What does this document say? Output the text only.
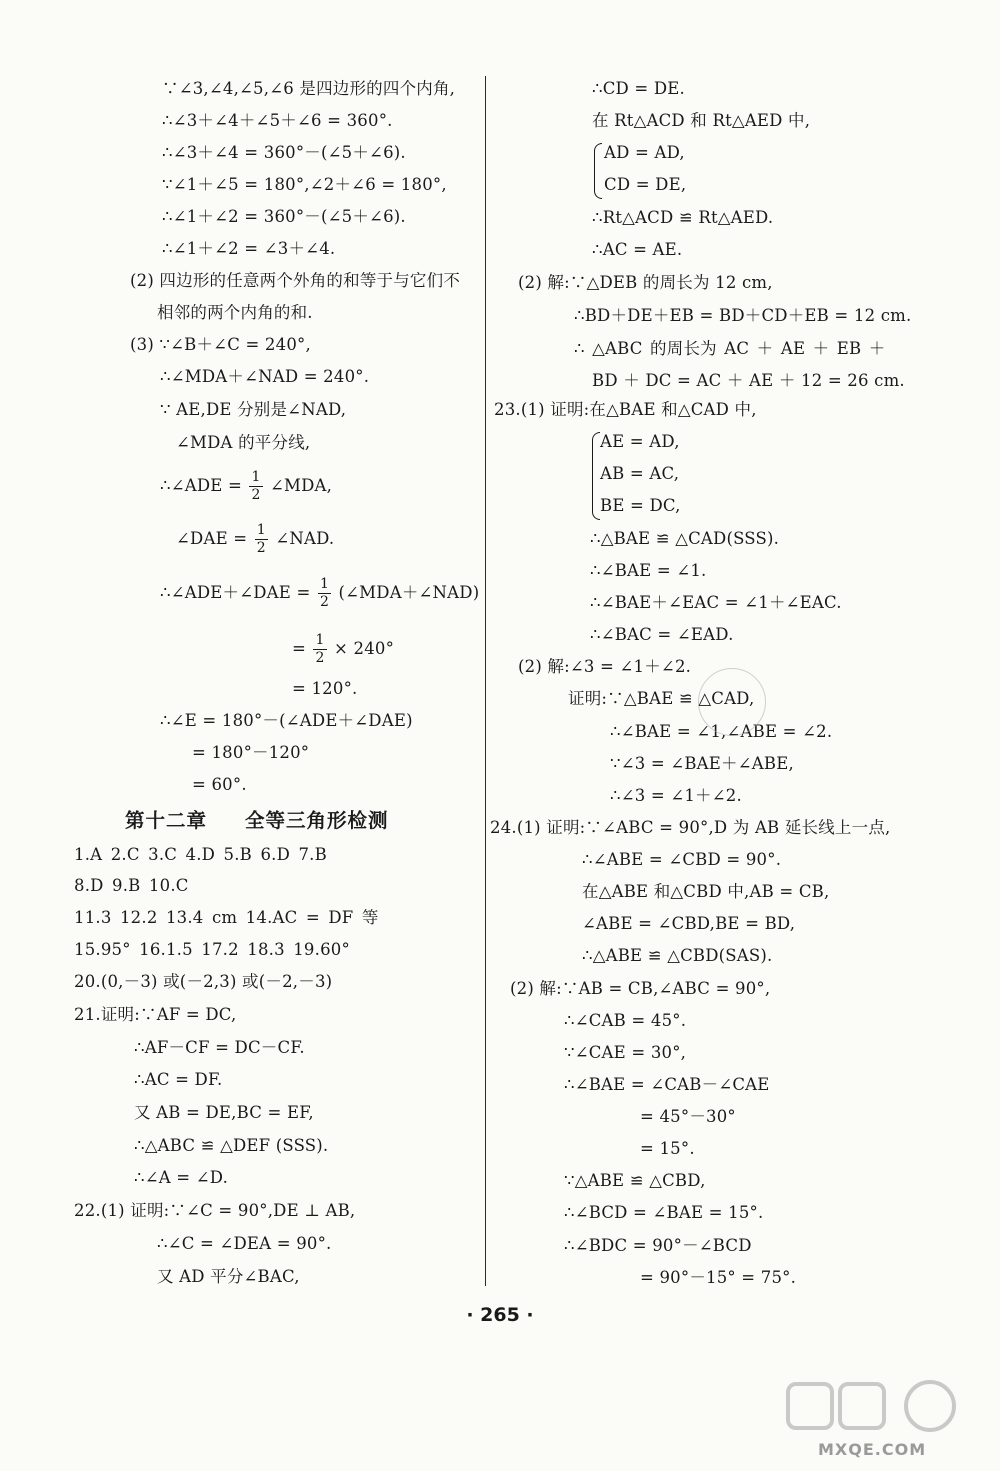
∵∠3,∠4,∠5,∠6 是四边形的四个内角,
∴∠3＋∠4＋∠5＋∠6 = 360°.
∴∠3＋∠4 = 360°－(∠5＋∠6).
∵∠1＋∠5 = 180°,∠2＋∠6 = 180°,
∴∠1＋∠2 = 360°－(∠5＋∠6).
∴∠1＋∠2 = ∠3＋∠4.
(2) 四边形的任意两个外角的和等于与它们不
相邻的两个内角的和.
(3) ∵∠B＋∠C = 240°,
∴∠MDA＋∠NAD = 240°.
∵ AE,DE 分别是∠NAD,
∠MDA 的平分线,
∴∠ADE = $\frac{1}{2}$ ∠MDA,
∠DAE = $\frac{1}{2}$ ∠NAD.
∴∠ADE＋∠DAE = $\frac{1}{2}$ (∠MDA＋∠NAD)
= $\frac{1}{2} \times 240^\circ$
= 120°.
∴∠E = 180°－(∠ADE＋∠DAE)
= 180°－120°
= 60°.
第十二章 全等三角形检测
1.A 2.C 3.C 4.D 5.B 6.D 7.B
8.D 9.B 10.C
11.3 12.2 13.4 cm 14.AC = DF 等
15.95° 16.1.5 17.2 18.3 19.60°
20.(0,－3) 或(－2,3) 或(－2,－3)
21.证明:∵AF = DC,
∴AF－CF = DC－CF.
∴AC = DF.
又 AB = DE,BC = EF,
∴△ABC ≌ △DEF (SSS).
∴∠A = ∠D.
22.(1) 证明:∵∠C = 90°,DE ⊥ AB,
∴∠C = ∠DEA = 90°.
又 AD 平分∠BAC,
∴CD = DE.
在 Rt△ACD 和 Rt△AED 中,
AD = AD,
CD = DE,
∴Rt△ACD ≌ Rt△AED.
∴AC = AE.
(2) 解:∵△DEB 的周长为 12 cm,
∴BD＋DE＋EB = BD＋CD＋EB = 12 cm.
∴ △ABC 的周长为 AC ＋ AE ＋ EB ＋
BD ＋ DC = AC ＋ AE ＋ 12 = 26 cm.
23.(1) 证明:在△BAE 和△CAD 中,
AE = AD,
AB = AC,
BE = DC,
∴△BAE ≌ △CAD(SSS).
∴∠BAE = ∠1.
∴∠BAE＋∠EAC = ∠1＋∠EAC.
∴∠BAC = ∠EAD.
(2) 解:∠3 = ∠1＋∠2.
证明:∵△BAE ≌ △CAD,
∴∠BAE = ∠1,∠ABE = ∠2.
∵∠3 = ∠BAE＋∠ABE,
∴∠3 = ∠1＋∠2.
24.(1) 证明:∵∠ABC = 90°,D 为 AB 延长线上一点,
∴∠ABE = ∠CBD = 90°.
在△ABE 和△CBD 中,AB = CB,
∠ABE = ∠CBD,BE = BD,
∴△ABE ≌ △CBD(SAS).
(2) 解:∵AB = CB,∠ABC = 90°,
∴∠CAB = 45°.
∵∠CAE = 30°,
∴∠BAE = ∠CAB－∠CAE
= 45°－30°
= 15°.
∵△ABE ≌ △CBD,
∴∠BCD = ∠BAE = 15°.
∴∠BDC = 90°－∠BCD
= 90°－15° = 75°.
· 265 ·
MXQE.COM
